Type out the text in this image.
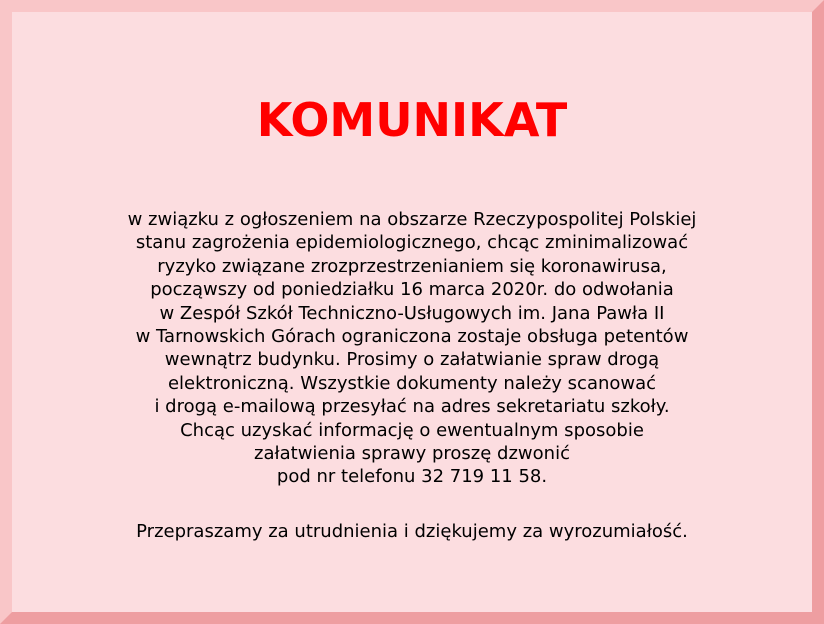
KOMUNIKAT
w związku z ogłoszeniem na obszarze Rzeczypospolitej Polskiej
stanu zagrożenia epidemiologicznego, chcąc zminimalizować
ryzyko związane zrozprzestrzenianiem się koronawirusa,
począwszy od poniedziałku 16 marca 2020r. do odwołania
w Zespół Szkół Techniczno-Usługowych im. Jana Pawła II
w Tarnowskich Górach ograniczona zostaje obsługa petentów
wewnątrz budynku. Prosimy o załatwianie spraw drogą
elektroniczną. Wszystkie dokumenty należy scanować
i drogą e-mailową przesyłać na adres sekretariatu szkoły.
Chcąc uzyskać informację o ewentualnym sposobie
załatwienia sprawy proszę dzwonić
pod nr telefonu 32 719 11 58.

Przepraszamy za utrudnienia i dziękujemy za wyrozumiałość.
